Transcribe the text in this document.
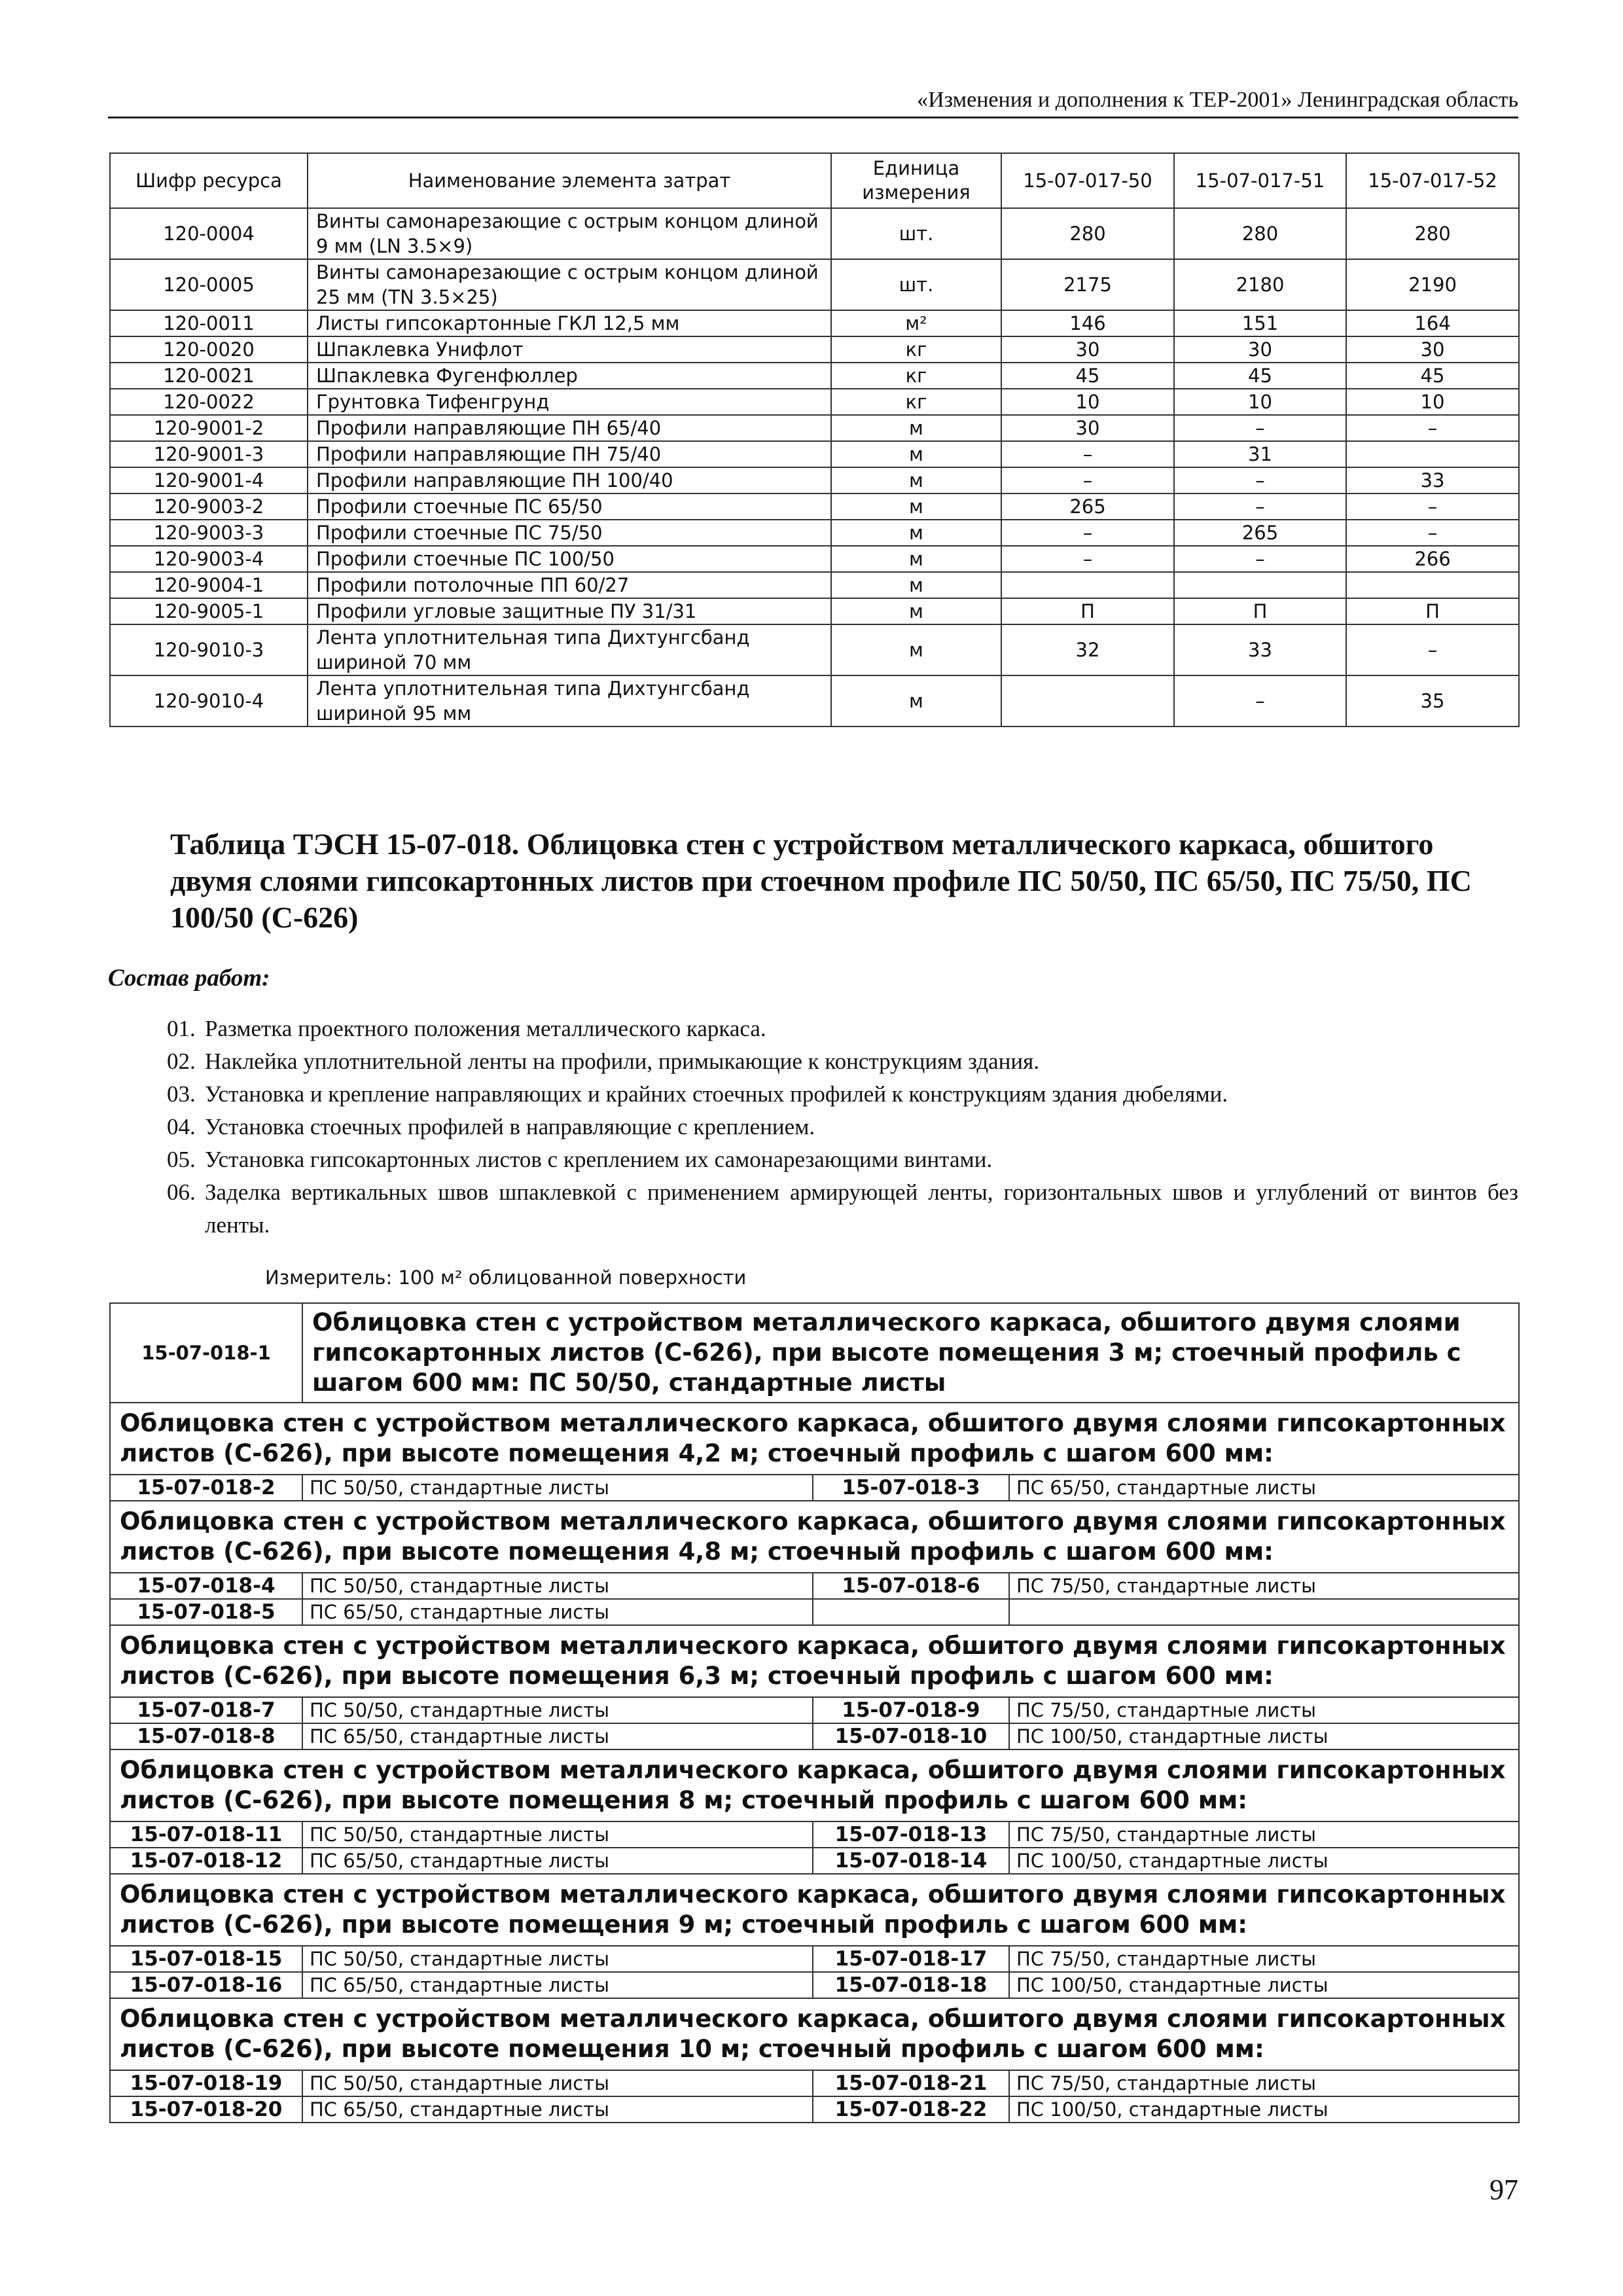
«Изменения и дополнения к ТЕР-2001» Ленинградская область
Шифр ресурса	Наименование элемента затрат	Единица измерения	15-07-017-50	15-07-017-51	15-07-017-52
120-0004	Винты самонарезающие с острым концом длиной 9 мм (LN 3.5×9)	шт.	280	280	280
120-0005	Винты самонарезающие с острым концом длиной 25 мм (TN 3.5×25)	шт.	2175	2180	2190
120-0011	Листы гипсокартонные ГКЛ 12,5 мм	м²	146	151	164
120-0020	Шпаклевка Унифлот	кг	30	30	30
120-0021	Шпаклевка Фугенфюллер	кг	45	45	45
120-0022	Грунтовка Тифенгрунд	кг	10	10	10
120-9001-2	Профили направляющие ПН 65/40	м	30	–	–
120-9001-3	Профили направляющие ПН 75/40	м	–	31	
120-9001-4	Профили направляющие ПН 100/40	м	–	–	33
120-9003-2	Профили стоечные ПС 65/50	м	265	–	–
120-9003-3	Профили стоечные ПС 75/50	м	–	265	–
120-9003-4	Профили стоечные ПС 100/50	м	–	–	266
120-9004-1	Профили потолочные ПП 60/27	м			
120-9005-1	Профили угловые защитные ПУ 31/31	м	П	П	П
120-9010-3	Лента уплотнительная типа Дихтунгсбанд шириной 70 мм	м	32	33	–
120-9010-4	Лента уплотнительная типа Дихтунгсбанд шириной 95 мм	м		–	35
Таблица ТЭСН 15-07-018. Облицовка стен с устройством металлического каркаса, обшитого двумя слоями гипсокартонных листов при стоечном профиле ПС 50/50, ПС 65/50, ПС 75/50, ПС 100/50 (С-626)
Состав работ:
01. Разметка проектного положения металлического каркаса.
02. Наклейка уплотнительной ленты на профили, примыкающие к конструкциям здания.
03. Установка и крепление направляющих и крайних стоечных профилей к конструкциям здания дюбелями.
04. Установка стоечных профилей в направляющие с креплением.
05. Установка гипсокартонных листов с креплением их самонарезающими винтами.
06. Заделка вертикальных швов шпаклевкой с применением армирующей ленты, горизонтальных швов и углублений от винтов без ленты.
Измеритель: 100 м² облицованной поверхности
15-07-018-1	Облицовка стен с устройством металлического каркаса, обшитого двумя слоями гипсокартонных листов (С-626), при высоте помещения 3 м; стоечный профиль с шагом 600 мм: ПС 50/50, стандартные листы		
Облицовка стен с устройством металлического каркаса, обшитого двумя слоями гипсокартонных листов (С-626), при высоте помещения 4,2 м; стоечный профиль с шагом 600 мм:			
15-07-018-2	ПС 50/50, стандартные листы	15-07-018-3	ПС 65/50, стандартные листы
Облицовка стен с устройством металлического каркаса, обшитого двумя слоями гипсокартонных листов (С-626), при высоте помещения 4,8 м; стоечный профиль с шагом 600 мм:			
15-07-018-4	ПС 50/50, стандартные листы	15-07-018-6	ПС 75/50, стандартные листы
15-07-018-5	ПС 65/50, стандартные листы		
Облицовка стен с устройством металлического каркаса, обшитого двумя слоями гипсокартонных листов (С-626), при высоте помещения 6,3 м; стоечный профиль с шагом 600 мм:			
15-07-018-7	ПС 50/50, стандартные листы	15-07-018-9	ПС 75/50, стандартные листы
15-07-018-8	ПС 65/50, стандартные листы	15-07-018-10	ПС 100/50, стандартные листы
Облицовка стен с устройством металлического каркаса, обшитого двумя слоями гипсокартонных листов (С-626), при высоте помещения 8 м; стоечный профиль с шагом 600 мм:			
15-07-018-11	ПС 50/50, стандартные листы	15-07-018-13	ПС 75/50, стандартные листы
15-07-018-12	ПС 65/50, стандартные листы	15-07-018-14	ПС 100/50, стандартные листы
Облицовка стен с устройством металлического каркаса, обшитого двумя слоями гипсокартонных листов (С-626), при высоте помещения 9 м; стоечный профиль с шагом 600 мм:			
15-07-018-15	ПС 50/50, стандартные листы	15-07-018-17	ПС 75/50, стандартные листы
15-07-018-16	ПС 65/50, стандартные листы	15-07-018-18	ПС 100/50, стандартные листы
Облицовка стен с устройством металлического каркаса, обшитого двумя слоями гипсокартонных листов (С-626), при высоте помещения 10 м; стоечный профиль с шагом 600 мм:			
15-07-018-19	ПС 50/50, стандартные листы	15-07-018-21	ПС 75/50, стандартные листы
15-07-018-20	ПС 65/50, стандартные листы	15-07-018-22	ПС 100/50, стандартные листы
97
